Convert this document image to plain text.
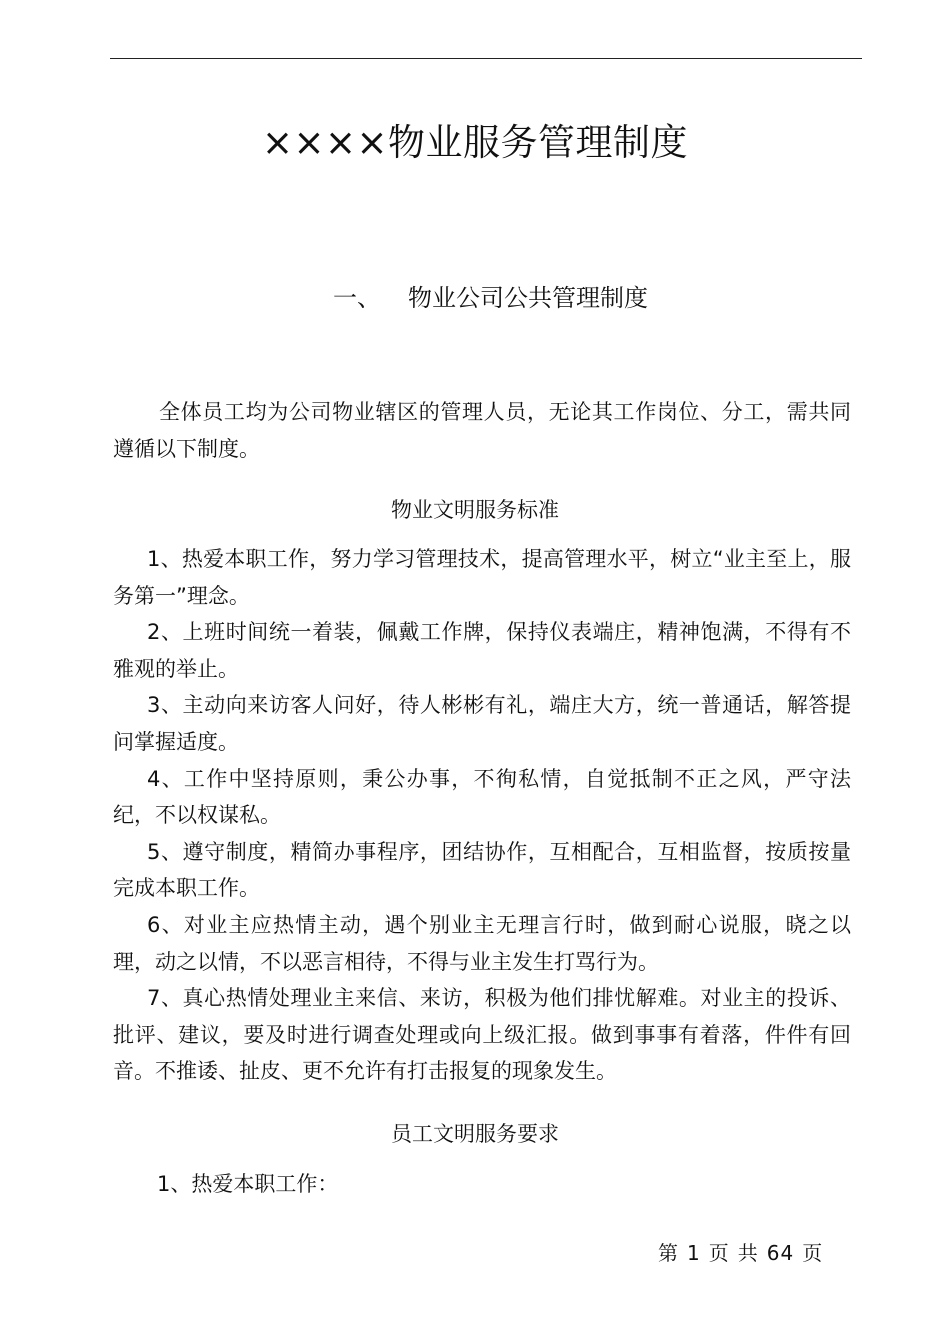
××××物业服务管理制度
一、 物业公司公共管理制度

全体员工均为公司物业辖区的管理人员，无论其工作岗位、分工，需共同遵循以下制度。

物业文明服务标准
1、热爱本职工作，努力学习管理技术，提高管理水平，树立“业主至上，服务第一”理念。
2、上班时间统一着装，佩戴工作牌，保持仪表端庄，精神饱满，不得有不雅观的举止。
3、主动向来访客人问好，待人彬彬有礼，端庄大方，统一普通话，解答提问掌握适度。
4、工作中坚持原则，秉公办事，不徇私情，自觉抵制不正之风，严守法纪，不以权谋私。
5、遵守制度，精简办事程序，团结协作，互相配合，互相监督，按质按量完成本职工作。
6、对业主应热情主动，遇个别业主无理言行时，做到耐心说服，晓之以理，动之以情，不以恶言相待，不得与业主发生打骂行为。
7、真心热情处理业主来信、来访，积极为他们排忧解难。对业主的投诉、批评、建议，要及时进行调查处理或向上级汇报。做到事事有着落，件件有回音。不推诿、扯皮、更不允许有打击报复的现象发生。
员工文明服务要求
1、热爱本职工作：
第 1 页 共 64 页
